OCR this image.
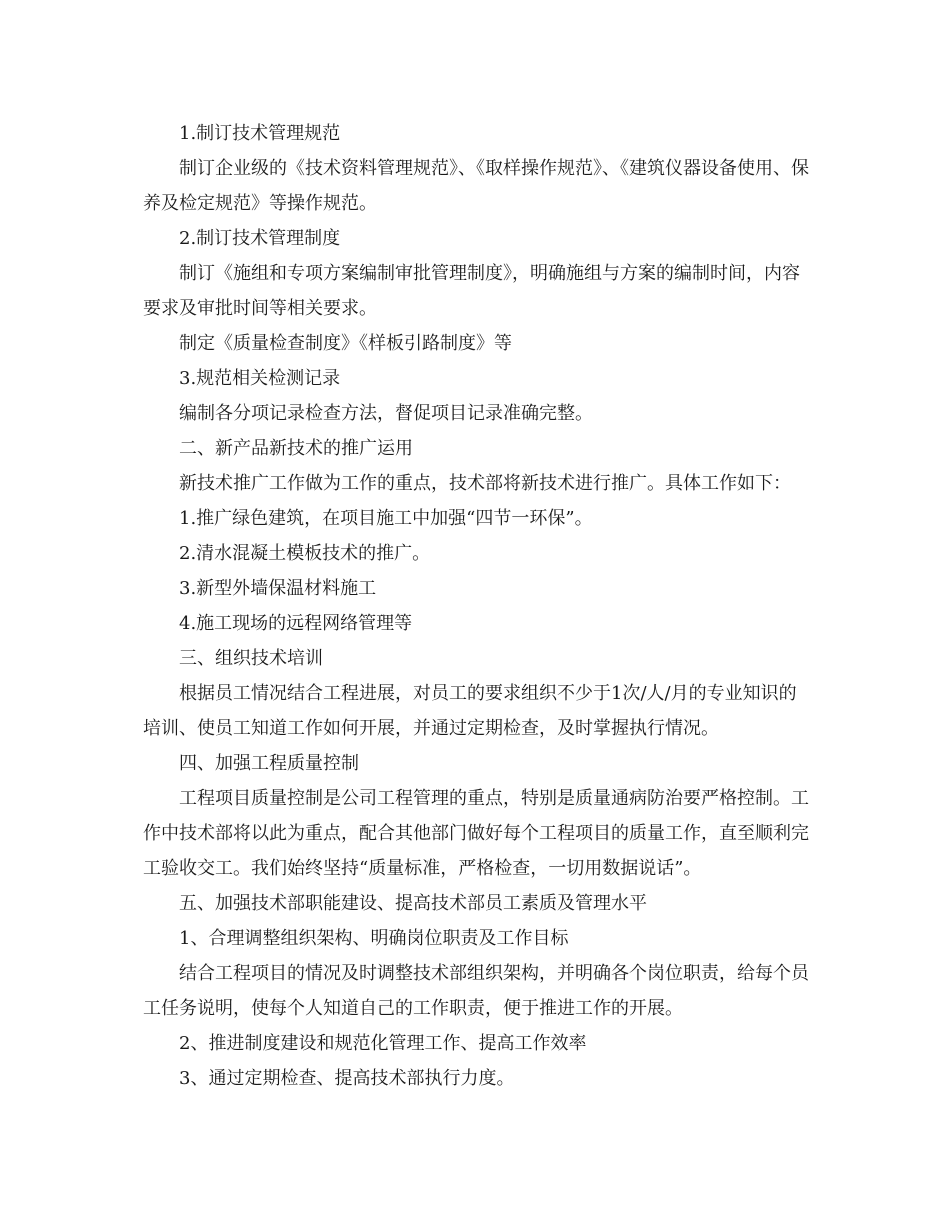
1.制订技术管理规范

制订企业级的《技术资料管理规范》、《取样操作规范》、《建筑仪器设备使用、保养及检定规范》等操作规范。

2.制订技术管理制度

制订《施组和专项方案编制审批管理制度》，明确施组与方案的编制时间，内容要求及审批时间等相关要求。

制定《质量检查制度》《样板引路制度》等

3.规范相关检测记录

编制各分项记录检查方法，督促项目记录准确完整。

二、新产品新技术的推广运用

新技术推广工作做为工作的重点，技术部将新技术进行推广。具体工作如下：

1.推广绿色建筑，在项目施工中加强“四节一环保”。

2.清水混凝土模板技术的推广。

3.新型外墙保温材料施工

4.施工现场的远程网络管理等

三、组织技术培训

根据员工情况结合工程进展，对员工的要求组织不少于1次/人/月的专业知识的培训、使员工知道工作如何开展，并通过定期检查，及时掌握执行情况。

四、加强工程质量控制

工程项目质量控制是公司工程管理的重点，特别是质量通病防治要严格控制。工作中技术部将以此为重点，配合其他部门做好每个工程项目的质量工作，直至顺利完工验收交工。我们始终坚持“质量标准，严格检查，一切用数据说话”。

五、加强技术部职能建设、提高技术部员工素质及管理水平

1、合理调整组织架构、明确岗位职责及工作目标

结合工程项目的情况及时调整技术部组织架构，并明确各个岗位职责，给每个员工任务说明，使每个人知道自己的工作职责，便于推进工作的开展。

2、推进制度建设和规范化管理工作、提高工作效率

3、通过定期检查、提高技术部执行力度。
